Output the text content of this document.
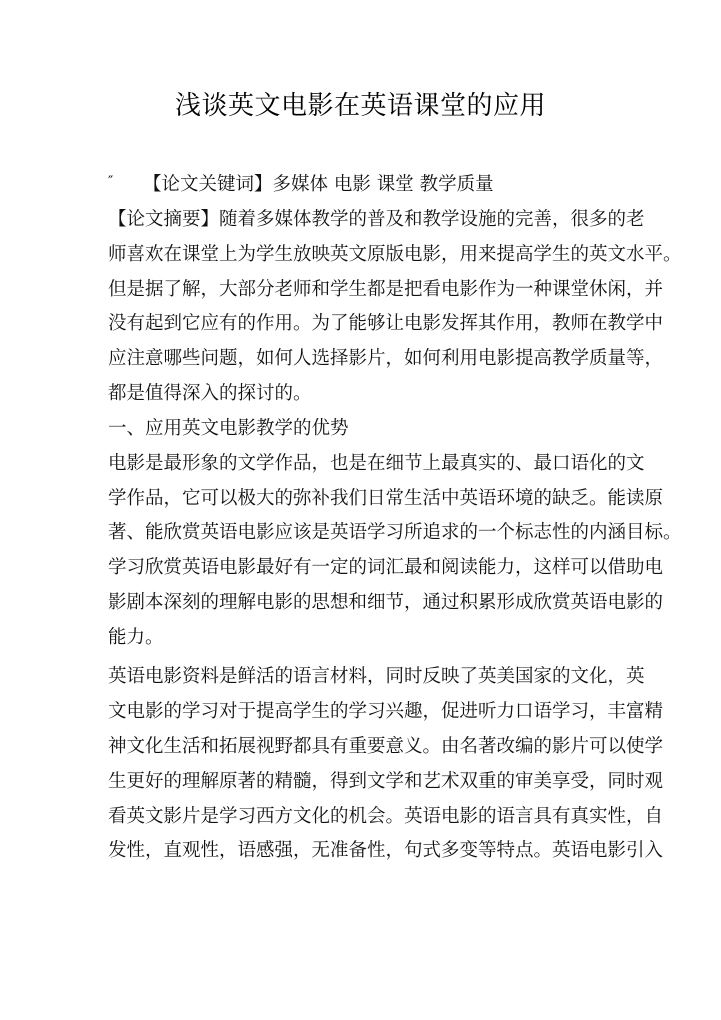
浅谈英文电影在英语课堂的应用
″ 【论文关键词】多媒体 电影 课堂 教学质量
【论文摘要】随着多媒体教学的普及和教学设施的完善，很多的老
师喜欢在课堂上为学生放映英文原版电影，用来提高学生的英文水平。
但是据了解，大部分老师和学生都是把看电影作为一种课堂休闲，并
没有起到它应有的作用。为了能够让电影发挥其作用，教师在教学中
应注意哪些问题，如何人选择影片，如何利用电影提高教学质量等，
都是值得深入的探讨的。
一、应用英文电影教学的优势
电影是最形象的文学作品，也是在细节上最真实的、最口语化的文
学作品，它可以极大的弥补我们日常生活中英语环境的缺乏。能读原
著、能欣赏英语电影应该是英语学习所追求的一个标志性的内涵目标。
学习欣赏英语电影最好有一定的词汇最和阅读能力，这样可以借助电
影剧本深刻的理解电影的思想和细节，通过积累形成欣赏英语电影的
能力。
英语电影资料是鲜活的语言材料，同时反映了英美国家的文化，英
文电影的学习对于提高学生的学习兴趣，促进听力口语学习，丰富精
神文化生活和拓展视野都具有重要意义。由名著改编的影片可以使学
生更好的理解原著的精髓，得到文学和艺术双重的审美享受，同时观
看英文影片是学习西方文化的机会。英语电影的语言具有真实性，自
发性，直观性，语感强，无准备性，句式多变等特点。英语电影引入
